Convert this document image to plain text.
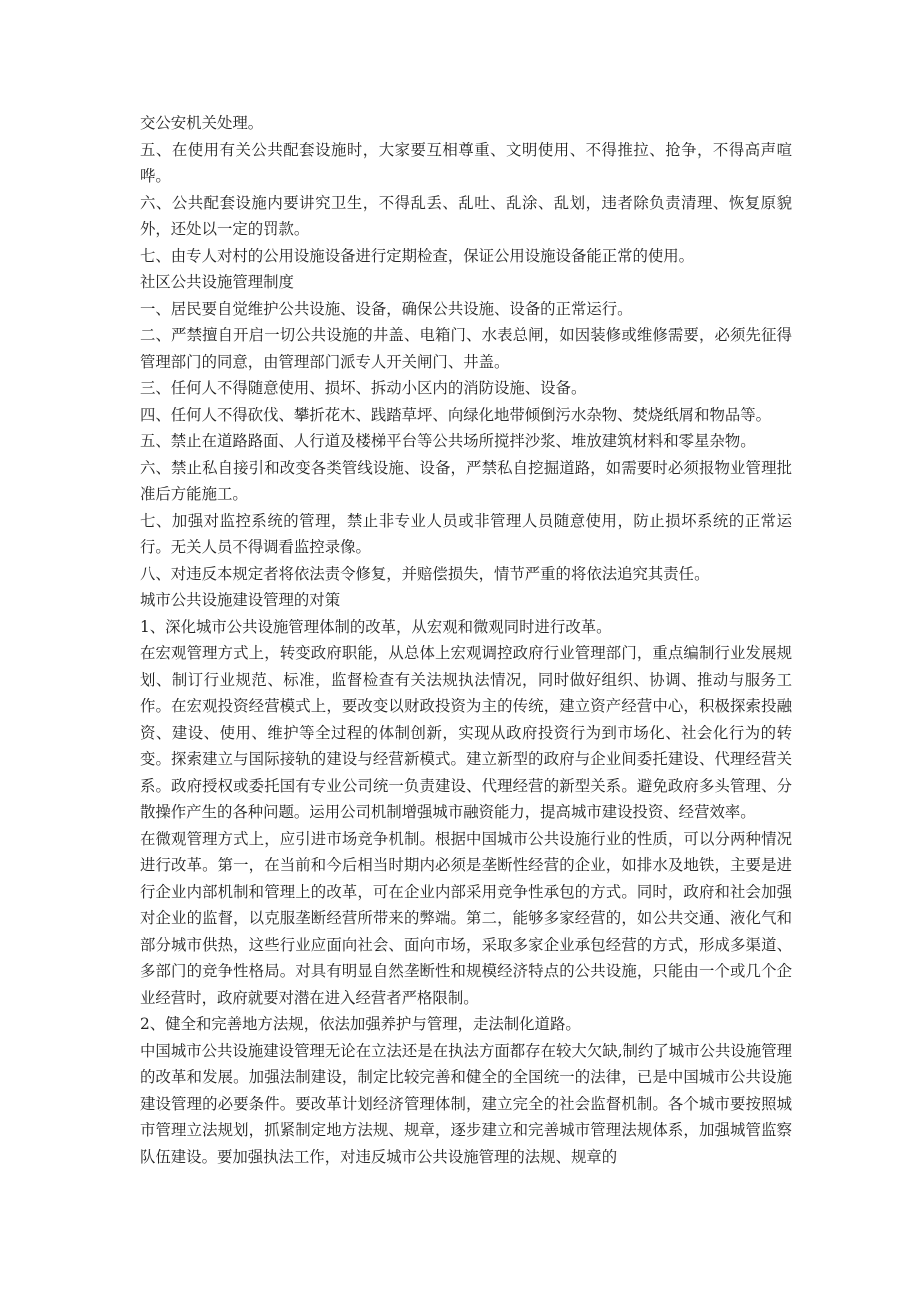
交公安机关处理。

五、在使用有关公共配套设施时，大家要互相尊重、文明使用、不得推拉、抢争，不得高声喧哗。

六、公共配套设施内要讲究卫生，不得乱丢、乱吐、乱涂、乱划，违者除负责清理、恢复原貌外，还处以一定的罚款。

七、由专人对村的公用设施设备进行定期检查，保证公用设施设备能正常的使用。

社区公共设施管理制度

一、居民要自觉维护公共设施、设备，确保公共设施、设备的正常运行。

二、严禁擅自开启一切公共设施的井盖、电箱门、水表总闸，如因装修或维修需要，必须先征得管理部门的同意，由管理部门派专人开关闸门、井盖。

三、任何人不得随意使用、损坏、拆动小区内的消防设施、设备。

四、任何人不得砍伐、攀折花木、践踏草坪、向绿化地带倾倒污水杂物、焚烧纸屑和物品等。

五、禁止在道路路面、人行道及楼梯平台等公共场所搅拌沙浆、堆放建筑材料和零星杂物。

六、禁止私自接引和改变各类管线设施、设备，严禁私自挖掘道路，如需要时必须报物业管理批准后方能施工。

七、加强对监控系统的管理，禁止非专业人员或非管理人员随意使用，防止损坏系统的正常运行。无关人员不得调看监控录像。

八、对违反本规定者将依法责令修复，并赔偿损失，情节严重的将依法追究其责任。

城市公共设施建设管理的对策

1、深化城市公共设施管理体制的改革，从宏观和微观同时进行改革。

在宏观管理方式上，转变政府职能，从总体上宏观调控政府行业管理部门，重点编制行业发展规划、制订行业规范、标准，监督检查有关法规执法情况，同时做好组织、协调、推动与服务工作。在宏观投资经营模式上，要改变以财政投资为主的传统，建立资产经营中心，积极探索投融资、建设、使用、维护等全过程的体制创新，实现从政府投资行为到市场化、社会化行为的转变。探索建立与国际接轨的建设与经营新模式。建立新型的政府与企业间委托建设、代理经营关系。政府授权或委托国有专业公司统一负责建设、代理经营的新型关系。避免政府多头管理、分散操作产生的各种问题。运用公司机制增强城市融资能力，提高城市建设投资、经营效率。

在微观管理方式上，应引进市场竞争机制。根据中国城市公共设施行业的性质，可以分两种情况进行改革。第一，在当前和今后相当时期内必须是垄断性经营的企业，如排水及地铁，主要是进行企业内部机制和管理上的改革，可在企业内部采用竞争性承包的方式。同时，政府和社会加强对企业的监督，以克服垄断经营所带来的弊端。第二，能够多家经营的，如公共交通、液化气和部分城市供热，这些行业应面向社会、面向市场，采取多家企业承包经营的方式，形成多渠道、多部门的竞争性格局。对具有明显自然垄断性和规模经济特点的公共设施，只能由一个或几个企业经营时，政府就要对潜在进入经营者严格限制。

2、健全和完善地方法规，依法加强养护与管理，走法制化道路。

中国城市公共设施建设管理无论在立法还是在执法方面都存在较大欠缺,制约了城市公共设施管理的改革和发展。加强法制建设，制定比较完善和健全的全国统一的法律，已是中国城市公共设施建设管理的必要条件。要改革计划经济管理体制，建立完全的社会监督机制。各个城市要按照城市管理立法规划，抓紧制定地方法规、规章，逐步建立和完善城市管理法规体系，加强城管监察队伍建设。要加强执法工作，对违反城市公共设施管理的法规、规章的
